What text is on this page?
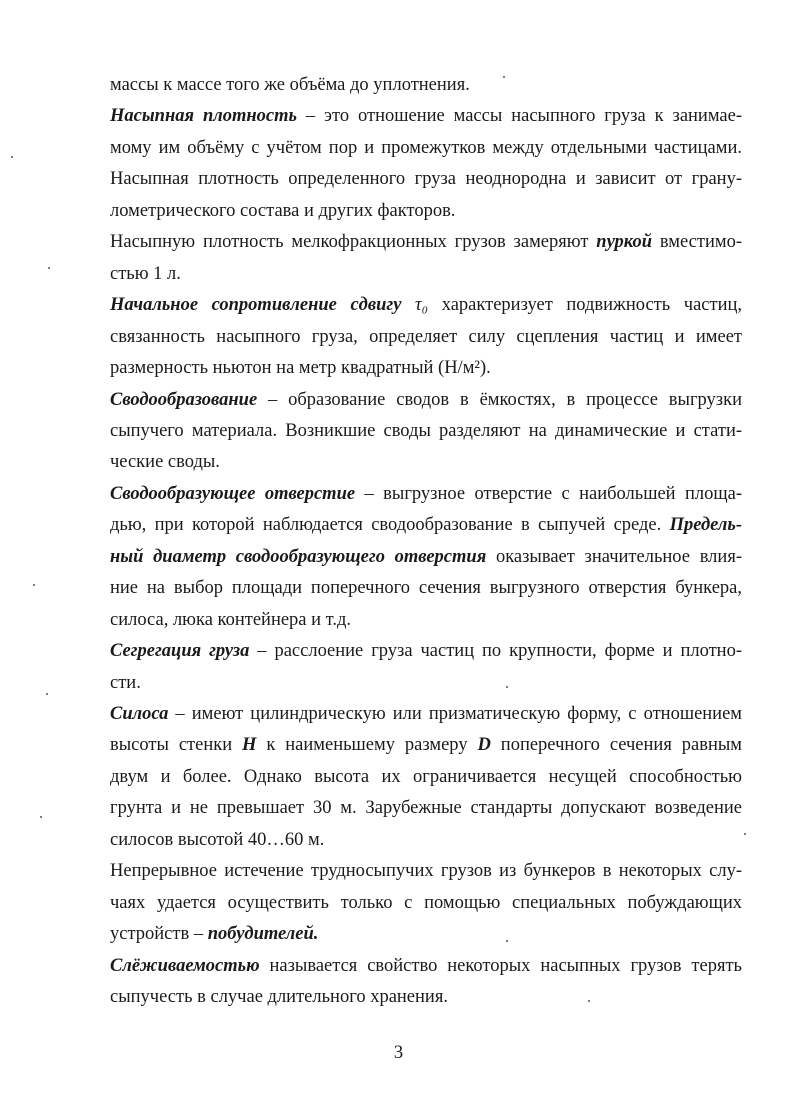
массы к массе того же объёма до уплотнения.
Насыпная плотность – это отношение массы насыпного груза к занимае-
мому им объёму с учётом пор и промежутков между отдельными частицами.
Насыпная плотность определенного груза неоднородна и зависит от грану-
лометрического состава и других факторов.
Насыпную плотность мелкофракционных грузов замеряют пуркой вместимо-
стью 1 л.
Начальное сопротивление сдвигу τ₀ характеризует подвижность частиц,
связанность насыпного груза, определяет силу сцепления частиц и имеет
размерность ньютон на метр квадратный (Н/м²).
Сводообразование – образование сводов в ёмкостях, в процессе выгрузки
сыпучего материала. Возникшие своды разделяют на динамические и стати-
ческие своды.
Сводообразующее отверстие – выгрузное отверстие с наибольшей площа-
дью, при которой наблюдается сводообразование в сыпучей среде. Предель-
ный диаметр сводообразующего отверстия оказывает значительное влия-
ние на выбор площади поперечного сечения выгрузного отверстия бункера,
силоса, люка контейнера и т.д.
Сегрегация груза – расслоение груза частиц по крупности, форме и плотно-
сти.
Силоса – имеют цилиндрическую или призматическую форму, с отношением
высоты стенки H к наименьшему размеру D поперечного сечения равным
двум и более. Однако высота их ограничивается несущей способностью
грунта и не превышает 30 м. Зарубежные стандарты допускают возведение
силосов высотой 40…60 м.
Непрерывное истечение трудносыпучих грузов из бункеров в некоторых слу-
чаях удается осуществить только с помощью специальных побуждающих
устройств – побудителей.
Слёживаемостью называется свойство некоторых насыпных грузов терять
сыпучесть в случае длительного хранения.
3
